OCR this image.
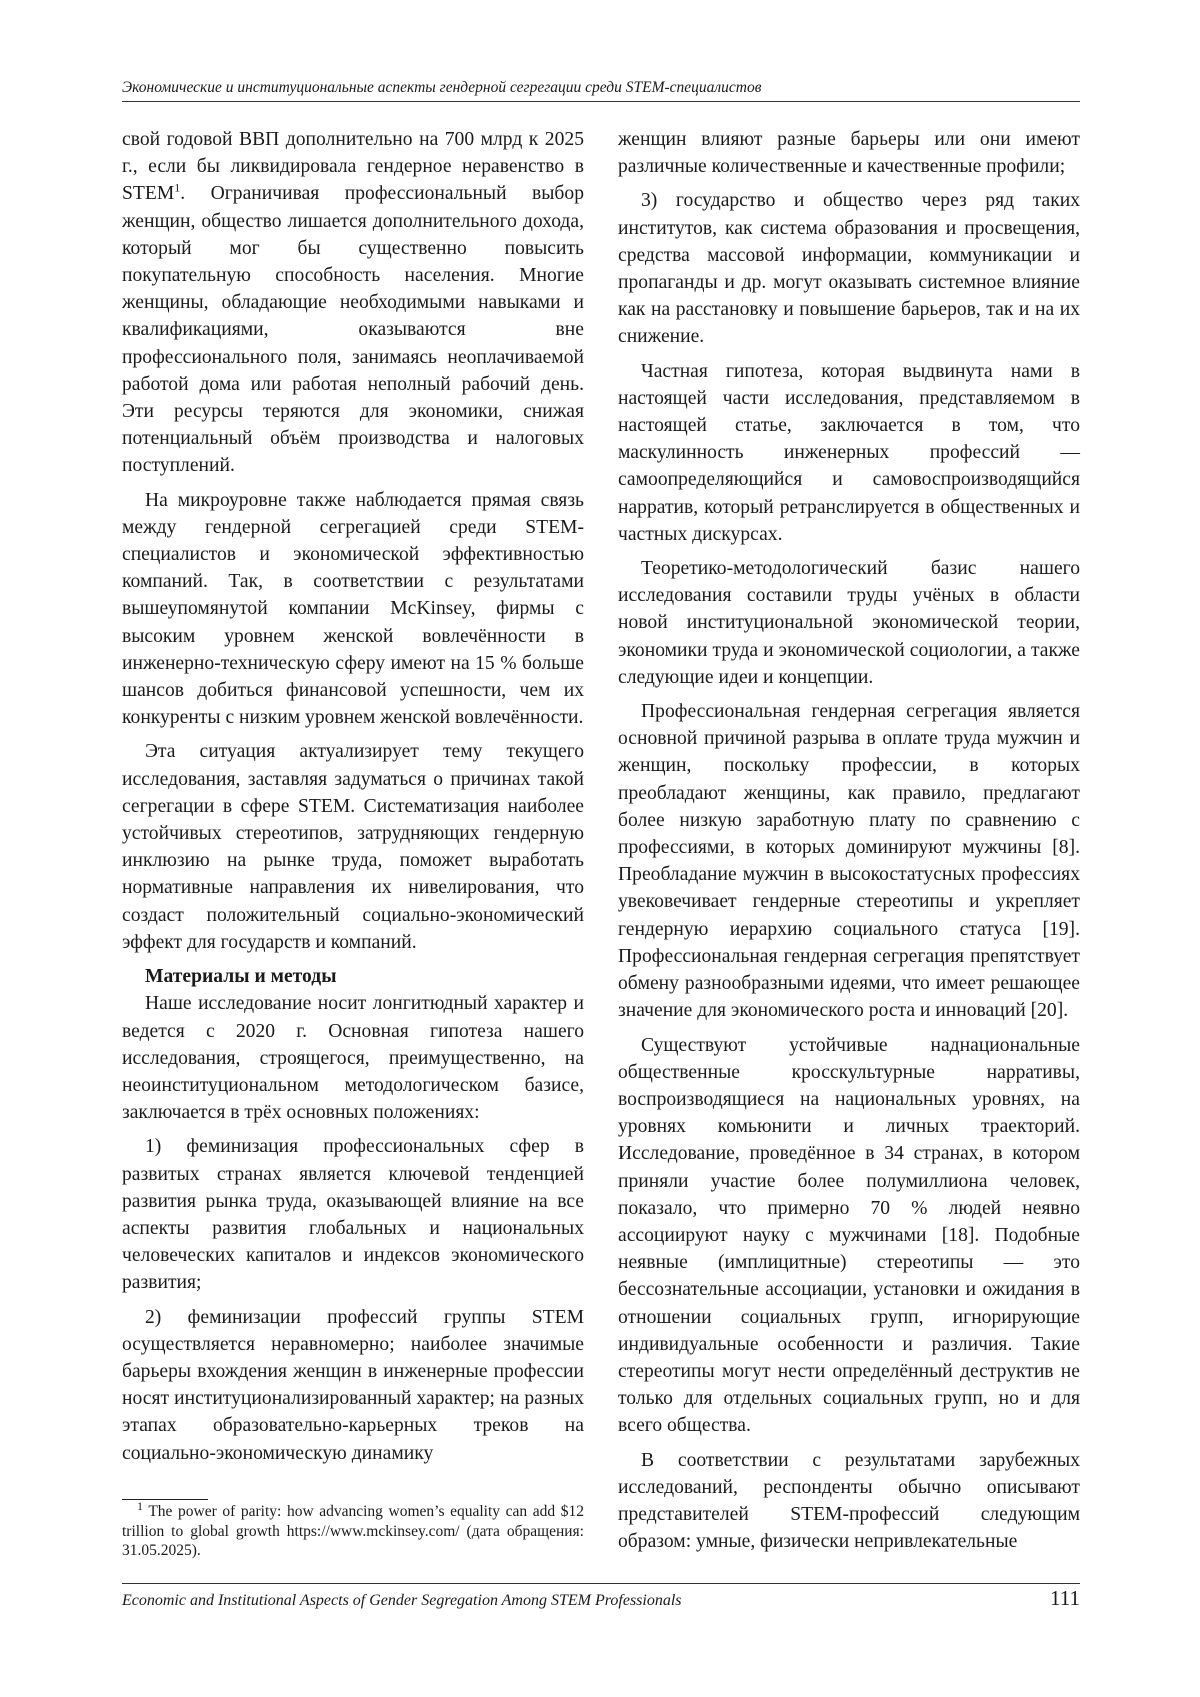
Экономические и институциональные аспекты гендерной сегрегации среди STEM-специалистов

свой годовой ВВП дополнительно на 700 млрд к 2025 г., если бы ликвидировала гендерное неравенство в STEM$^1$. Ограничивая профессиональный выбор женщин, общество лишается дополнительного дохода, который мог бы существенно повысить покупательную способность населения. Многие женщины, обладающие необходимыми навыками и квалификациями, оказываются вне профессионального поля, занимаясь неоплачиваемой работой дома или работая неполный рабочий день. Эти ресурсы теряются для экономики, снижая потенциальный объём производства и налоговых поступлений.

На микроуровне также наблюдается прямая связь между гендерной сегрегацией среди STEM-специалистов и экономической эффективностью компаний. Так, в соответствии с результатами вышеупомянутой компании McKinsey, фирмы с высоким уровнем женской вовлечённости в инженерно-техническую сферу имеют на 15 % больше шансов добиться финансовой успешности, чем их конкуренты с низким уровнем женской вовлечённости.

Эта ситуация актуализирует тему текущего исследования, заставляя задуматься о причинах такой сегрегации в сфере STEM. Систематизация наиболее устойчивых стереотипов, затрудняющих гендерную инклюзию на рынке труда, поможет выработать нормативные направления их нивелирования, что создаст положительный социально-экономический эффект для государств и компаний.

Материалы и методы

Наше исследование носит лонгитюдный характер и ведется с 2020 г. Основная гипотеза нашего исследования, строящегося, преимущественно, на неоинституциональном методологическом базисе, заключается в трёх основных положениях:

1) феминизация профессиональных сфер в развитых странах является ключевой тенденцией развития рынка труда, оказывающей влияние на все аспекты развития глобальных и национальных человеческих капиталов и индексов экономического развития;

2) феминизации профессий группы STEM осуществляется неравномерно; наиболее значимые барьеры вхождения женщин в инженерные профессии носят институционализированный характер; на разных этапах образовательно-карьерных треков на социально-экономическую динамику

женщин влияют разные барьеры или они имеют различные количественные и качественные профили;

3) государство и общество через ряд таких институтов, как система образования и просвещения, средства массовой информации, коммуникации и пропаганды и др. могут оказывать системное влияние как на расстановку и повышение барьеров, так и на их снижение.

Частная гипотеза, которая выдвинута нами в настоящей части исследования, представляемом в настоящей статье, заключается в том, что маскулинность инженерных профессий — самоопределяющийся и самовоспроизводящийся нарратив, который ретранслируется в общественных и частных дискурсах.

Теоретико-методологический базис нашего исследования составили труды учёных в области новой институциональной экономической теории, экономики труда и экономической социологии, а также следующие идеи и концепции.

Профессиональная гендерная сегрегация является основной причиной разрыва в оплате труда мужчин и женщин, поскольку профессии, в которых преобладают женщины, как правило, предлагают более низкую заработную плату по сравнению с профессиями, в которых доминируют мужчины [8]. Преобладание мужчин в высокостатусных профессиях увековечивает гендерные стереотипы и укрепляет гендерную иерархию социального статуса [19]. Профессиональная гендерная сегрегация препятствует обмену разнообразными идеями, что имеет решающее значение для экономического роста и инноваций [20].

Существуют устойчивые наднациональные общественные кросскультурные нарративы, воспроизводящиеся на национальных уровнях, на уровнях комьюнити и личных траекторий. Исследование, проведённое в 34 странах, в котором приняли участие более полумиллиона человек, показало, что примерно 70 % людей неявно ассоциируют науку с мужчинами [18]. Подобные неявные (имплицитные) стереотипы — это бессознательные ассоциации, установки и ожидания в отношении социальных групп, игнорирующие индивидуальные особенности и различия. Такие стереотипы могут нести определённый деструктив не только для отдельных социальных групп, но и для всего общества.

В соответствии с результатами зарубежных исследований, респонденты обычно описывают представителей STEM-профессий следующим образом: умные, физически непривлекательные

$^1$ The power of parity: how advancing women’s equality can add $12 trillion to global growth https://www.mckinsey.com/ (дата обращения: 31.05.2025).
Economic and Institutional Aspects of Gender Segregation Among STEM Professionals	111
